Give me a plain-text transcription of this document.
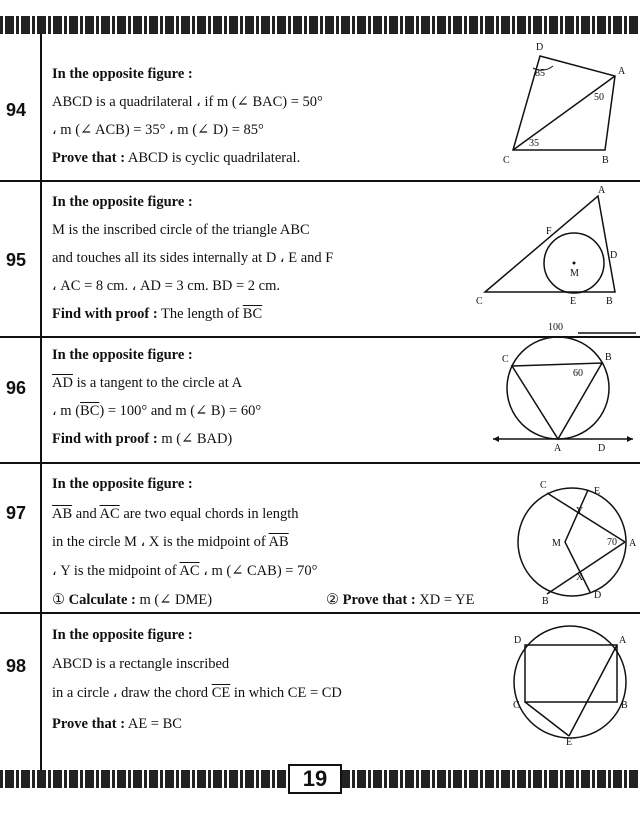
94
In the opposite figure :
ABCD is a quadrilateral ، if m (∠ BAC) = 50°
، m (∠ ACB) = 35° ، m (∠ D) = 85°
Prove that : ABCD is cyclic quadrilateral.
D
A
C	B
85
50
35
95
In the opposite figure :
M is the inscribed circle of the triangle ABC
and touches all its sides internally at D ، E and F
، AC = 8 cm. ، AD = 3 cm. BD = 2 cm.
Find with proof : The length of $\overline{BC}$
A
F
D
M
C	E	B
96
In the opposite figure :
$\overline{AD}$ is a tangent to the circle at A
، m $(\overline{BC}) = 100^\circ$ and m (∠ B) = 60°
Find with proof : m (∠ BAD)
100
60
C	B
A	D
97
In the opposite figure :
$\overline{AB}$ and $\overline{AC}$ are two equal chords in length
in the circle M ، X is the midpoint of $\overline{AB}$
، Y is the midpoint of $\overline{AC}$ ، m (∠ CAB) = 70°
① Calculate : m (∠ DME)	② Prove that : XD = YE
C
E
M
Y
X
A
B
D
70
98
In the opposite figure :
ABCD is a rectangle inscribed
in a circle ، draw the chord $\overline{CE}$ in which CE = CD
Prove that : AE = BC
D	A
C	B
E
19
